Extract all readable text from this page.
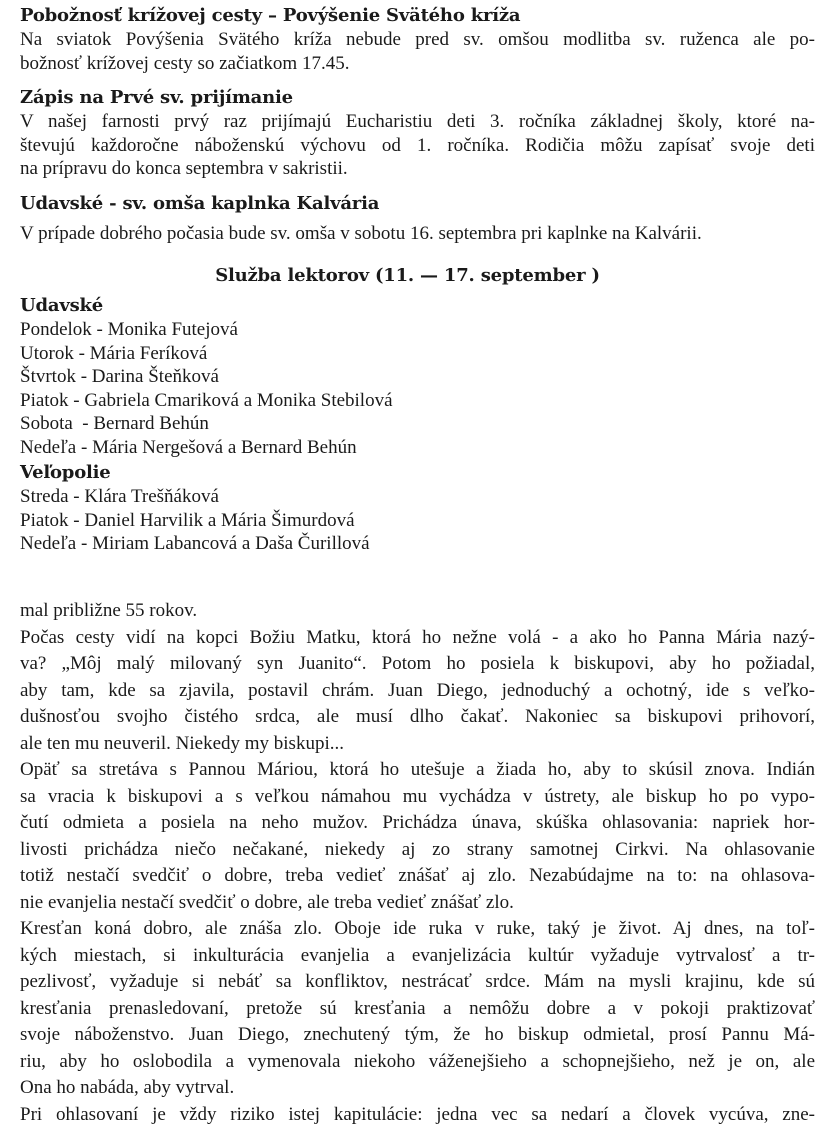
Pobožnosť krížovej cesty – Povýšenie Svätého kríža
Na sviatok Povýšenia Svätého kríža nebude pred sv. omšou modlitba sv. ruženca ale po-
božnosť krížovej cesty so začiatkom 17.45.
Zápis na Prvé sv. prijímanie
V našej farnosti prvý raz prijímajú Eucharistiu deti 3. ročníka základnej školy, ktoré na-
števujú každoročne náboženskú výchovu od 1. ročníka. Rodičia môžu zapísať svoje deti
na prípravu do konca septembra v sakristii.
Udavské - sv. omša kaplnka Kalvária
V prípade dobrého počasia bude sv. omša v sobotu 16. septembra pri kaplnke na Kalvárii.
Služba lektorov (11. — 17. september )
Udavské
Pondelok - Monika Futejová
Utorok - Mária Feríková
Štvrtok - Darina Šteňková
Piatok - Gabriela Cmariková a Monika Stebilová
Sobota  - Bernard Behún
Nedeľa - Mária Nergešová a Bernard Behún
Veľopolie
Streda - Klára Trešňáková
Piatok - Daniel Harvilik a Mária Šimurdová
Nedeľa - Miriam Labancová a Daša Čurillová
mal približne 55 rokov.
Počas cesty vidí na kopci Božiu Matku, ktorá ho nežne volá - a ako ho Panna Mária nazý-
va? „Môj malý milovaný syn Juanito“. Potom ho posiela k biskupovi, aby ho požiadal,
aby tam, kde sa zjavila, postavil chrám. Juan Diego, jednoduchý a ochotný, ide s veľko-
dušnosťou svojho čistého srdca, ale musí dlho čakať. Nakoniec sa biskupovi prihovorí,
ale ten mu neuveril. Niekedy my biskupi...
Opäť sa stretáva s Pannou Máriou, ktorá ho utešuje a žiada ho, aby to skúsil znova. Indián
sa vracia k biskupovi a s veľkou námahou mu vychádza v ústrety, ale biskup ho po vypo-
čutí odmieta a posiela na neho mužov. Prichádza únava, skúška ohlasovania: napriek hor-
livosti prichádza niečo nečakané, niekedy aj zo strany samotnej Cirkvi. Na ohlasovanie
totiž nestačí svedčiť o dobre, treba vedieť znášať aj zlo. Nezabúdajme na to: na ohlasova-
nie evanjelia nestačí svedčiť o dobre, ale treba vedieť znášať zlo.
Kresťan koná dobro, ale znáša zlo. Oboje ide ruka v ruke, taký je život. Aj dnes, na toľ-
kých miestach, si inkulturácia evanjelia a evanjelizácia kultúr vyžaduje vytrvalosť a tr-
pezlivosť, vyžaduje si nebáť sa konfliktov, nestrácať srdce. Mám na mysli krajinu, kde sú
kresťania prenasledovaní, pretože sú kresťania a nemôžu dobre a v pokoji praktizovať
svoje náboženstvo. Juan Diego, znechutený tým, že ho biskup odmietal, prosí Pannu Má-
riu, aby ho oslobodila a vymenovala niekoho váženejšieho a schopnejšieho, než je on, ale
Ona ho nabáda, aby vytrval.
Pri ohlasovaní je vždy riziko istej kapitulácie: jedna vec sa nedarí a človek vycúva, zne-
